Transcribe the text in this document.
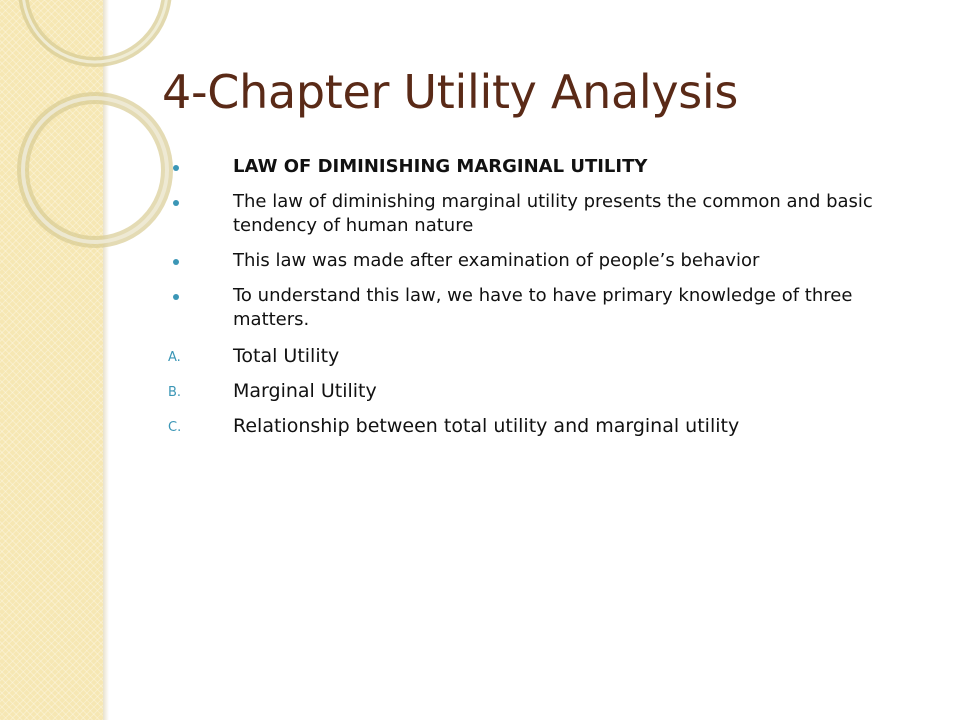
4-Chapter Utility Analysis
LAW OF DIMINISHING MARGINAL UTILITY
The law of diminishing marginal utility presents the common and basic tendency of human nature
This law was made after examination of people’s behavior
To understand this law, we have to have primary knowledge of three matters.
A.	Total Utility
B.	Marginal Utility
C.	Relationship between total utility and marginal utility
